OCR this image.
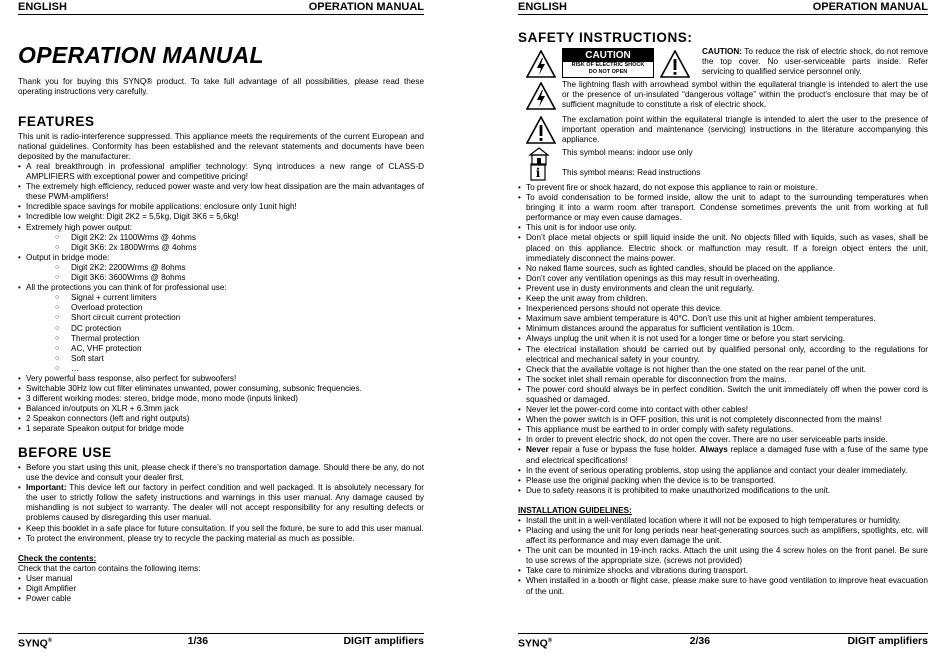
ENGLISH	OPERATION MANUAL
OPERATION MANUAL

Thank you for buying this SYNQ® product. To take full advantage of all possibilities, please read these operating instructions very carefully.

FEATURES

This unit is radio-interference suppressed. This appliance meets the requirements of the current European and national guidelines. Conformity has been established and the relevant statements and documents have been deposited by the manufacturer.

• A real breakthrough in professional amplifier technology: Synq introduces a new range of CLASS-D AMPLIFIERS with exceptional power and competitive pricing!
• The extremely high efficiency, reduced power waste and very low heat dissipation are the main advantages of these PWM-amplifiers!
• Incredible space savings for mobile applications: enclosure only 1unit high!
• Incredible low weight: Digit 2K2 = 5,5kg, Digit 3K6 = 5,6kg!
• Extremely high power output:
○ Digit 2K2: 2x 1100Wrms @ 4ohms
○ Digit 3K6: 2x 1800Wrms @ 4ohms
• Output in bridge mode:
○ Digit 2K2: 2200Wrms @ 8ohms
○ Digit 3K6: 3600Wrms @ 8ohms
• All the protections you can think of for professional use:
○ Signal + current limiters
○ Overload protection
○ Short circuit current protection
○ DC protection
○ Thermal protection
○ AC, VHF protection
○ Soft start
○ …
• Very powerful bass response, also perfect for subwoofers!
• Switchable 30Hz low cut filter eliminates unwanted, power consuming, subsonic frequencies.
• 3 different working modes: stereo, bridge mode, mono mode (inputs linked)
• Balanced in/outputs on XLR + 6.3mm jack
• 2 Speakon connectors (left and right outputs)
• 1 separate Speakon output for bridge mode
BEFORE USE
• Before you start using this unit, please check if there’s no transportation damage. Should there be any, do not use the device and consult your dealer first.
• Important: This device left our factory in perfect condition and well packaged. It is absolutely necessary for the user to strictly follow the safety instructions and warnings in this user manual. Any damage caused by mishandling is not subject to warranty. The dealer will not accept responsibility for any resulting defects or problems caused by disregarding this user manual.
• Keep this booklet in a safe place for future consultation. If you sell the fixture, be sure to add this user manual.
• To protect the environment, please try to recycle the packing material as much as possible.
Check the contents:

Check that the carton contains the following items:

• User manual
• Digit Amplifier
• Power cable
SYNQ®	1/36	DIGIT amplifiers
ENGLISH	OPERATION MANUAL
SAFETY INSTRUCTIONS:
CAUTION
RISK OF ELECTRIC SHOCK
DO NOT OPEN

CAUTION: To reduce the risk of electric shock, do not remove the top cover. No user-serviceable parts inside. Refer servicing to qualified service personnel only.

The lightning flash with arrowhead symbol within the equilateral triangle is intended to alert the use or the presence of un-insulated “dangerous voltage” within the product’s enclosure that may be of sufficient magnitude to constitute a risk of electric shock.

The exclamation point within the equilateral triangle is intended to alert the user to the presence of important operation and maintenance (servicing) instructions in the literature accompanying this appliance.

This symbol means: indoor use only

i	This symbol means: Read instructions

• To prevent fire or shock hazard, do not expose this appliance to rain or moisture.
• To avoid condensation to be formed inside, allow the unit to adapt to the surrounding temperatures when bringing it into a warm room after transport. Condense sometimes prevents the unit from working at full performance or may even cause damages.
• This unit is for indoor use only.
• Don’t place metal objects or spill liquid inside the unit. No objects filled with liquids, such as vases, shall be placed on this appliance. Electric shock or malfunction may result. If a foreign object enters the unit, immediately disconnect the mains power.
• No naked flame sources, such as lighted candles, should be placed on the appliance.
• Don’t cover any ventilation openings as this may result in overheating.
• Prevent use in dusty environments and clean the unit regularly.
• Keep the unit away from children.
• Inexperienced persons should not operate this device.
• Maximum save ambient temperature is 40°C. Don’t use this unit at higher ambient temperatures.
• Minimum distances around the apparatus for sufficient ventilation is 10cm.
• Always unplug the unit when it is not used for a longer time or before you start servicing.
• The electrical installation should be carried out by qualified personal only, according to the regulations for electrical and mechanical safety in your country.
• Check that the available voltage is not higher than the one stated on the rear panel of the unit.
• The socket inlet shall remain operable for disconnection from the mains.
• The power cord should always be in perfect condition. Switch the unit immediately off when the power cord is squashed or damaged.
• Never let the power-cord come into contact with other cables!
• When the power switch is in OFF position, this unit is not completely disconnected from the mains!
• This appliance must be earthed to in order comply with safety regulations.
• In order to prevent electric shock, do not open the cover. There are no user serviceable parts inside.
• Never repair a fuse or bypass the fuse holder. Always replace a damaged fuse with a fuse of the same type and electrical specifications!
• In the event of serious operating problems, stop using the appliance and contact your dealer immediately.
• Please use the original packing when the device is to be transported.
• Due to safety reasons it is prohibited to make unauthorized modifications to the unit.
INSTALLATION GUIDELINES:
• Install the unit in a well-ventilated location where it will not be exposed to high temperatures or humidity.
• Placing and using the unit for long periods near heat-generating sources such as amplifiers, spotlights, etc. will affect its performance and may even damage the unit.
• The unit can be mounted in 19-inch racks. Attach the unit using the 4 screw holes on the front panel. Be sure to use screws of the appropriate size. (screws not provided)
• Take care to minimize shocks and vibrations during transport.
• When installed in a booth or flight case, please make sure to have good ventilation to improve heat evacuation of the unit.
SYNQ®	2/36	DIGIT amplifiers
